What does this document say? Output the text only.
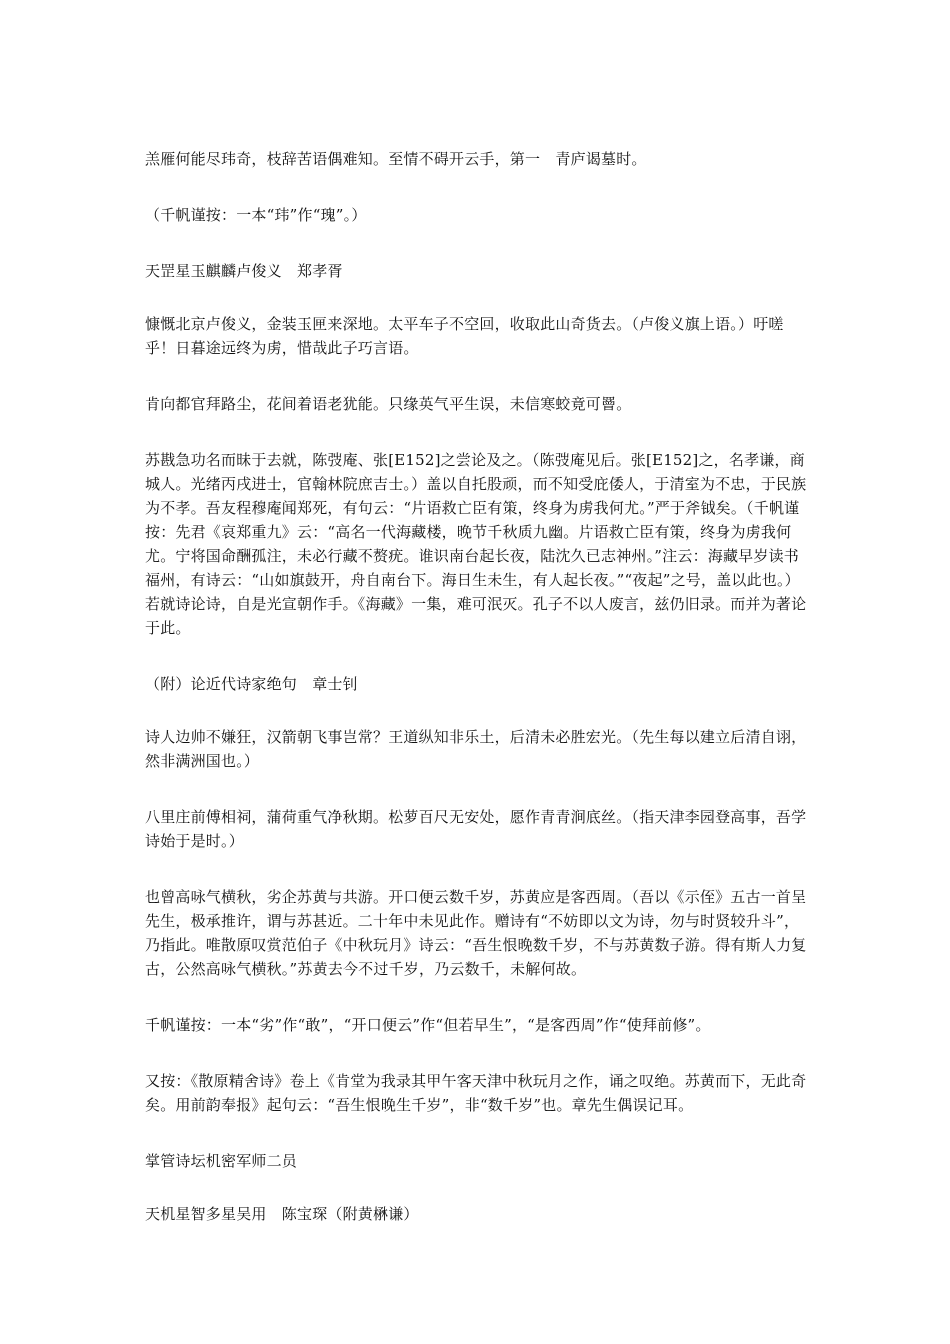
羔雁何能尽玮奇，枝辞苦语偶难知。至情不碍开云手，第一　青庐谒墓时。

（千帆谨按：一本“玮”作“瑰”。）

天罡星玉麒麟卢俊义　郑孝胥

慷慨北京卢俊义，金装玉匣来深地。太平车子不空回，收取此山奇货去。（卢俊义旗上语。）吁嗟乎！日暮途远终为虏，惜哉此子巧言语。

肯向都官拜路尘，花间着语老犹能。只缘英气平生误，未信寒蛟竟可罾。

苏戡急功名而昧于去就，陈弢庵、张[E152]之尝论及之。（陈弢庵见后。张[E152]之，名孝谦，商城人。光绪丙戌进士，官翰林院庶吉士。）盖以自托股顽，而不知受庇倭人，于清室为不忠，于民族为不孝。吾友程穆庵闻郑死，有句云：“片语救亡臣有策，终身为虏我何尤。”严于斧钺矣。（千帆谨按：先君《哀郑重九》云：“高名一代海藏楼，晚节千秋质九幽。片语救亡臣有策，终身为虏我何尤。宁将国命酬孤注，未必行藏不赘疣。谁识南台起长夜，陆沈久已志神州。”注云：海藏早岁读书福州，有诗云：“山如旗鼓开，舟自南台下。海日生未生，有人起长夜。”“夜起”之号，盖以此也。）若就诗论诗，自是光宣朝作手。《海藏》一集，难可泯灭。孔子不以人废言，兹仍旧录。而并为著论于此。

（附）论近代诗家绝句　章士钊

诗人边帅不嫌狂，汉箭朝飞事岂常？王道纵知非乐土，后清未必胜宏光。（先生每以建立后清自诩，然非满洲国也。）

八里庄前傅相祠，蒲荷重气净秋期。松萝百尺无安处，愿作青青涧底丝。（指天津李园登高事，吾学诗始于是时。）

也曾高咏气横秋，劣企苏黄与共游。开口便云数千岁，苏黄应是客西周。（吾以《示侄》五古一首呈先生，极承推许，谓与苏甚近。二十年中未见此作。赠诗有“不妨即以文为诗，勿与时贤较升斗”，乃指此。唯散原叹赏范伯子《中秋玩月》诗云：“吾生恨晚数千岁，不与苏黄数子游。得有斯人力复古，公然高咏气横秋。”苏黄去今不过千岁，乃云数千，未解何故。

千帆谨按：一本“劣”作“敢”，“开口便云”作“但若早生”，“是客西周”作“使拜前修”。

又按：《散原精舍诗》卷上《肯堂为我录其甲午客天津中秋玩月之作，诵之叹绝。苏黄而下，无此奇矣。用前韵奉报》起句云：“吾生恨晚生千岁”，非“数千岁”也。章先生偶误记耳。

掌管诗坛机密军师二员

天机星智多星吴用　陈宝琛（附黄楙谦）
